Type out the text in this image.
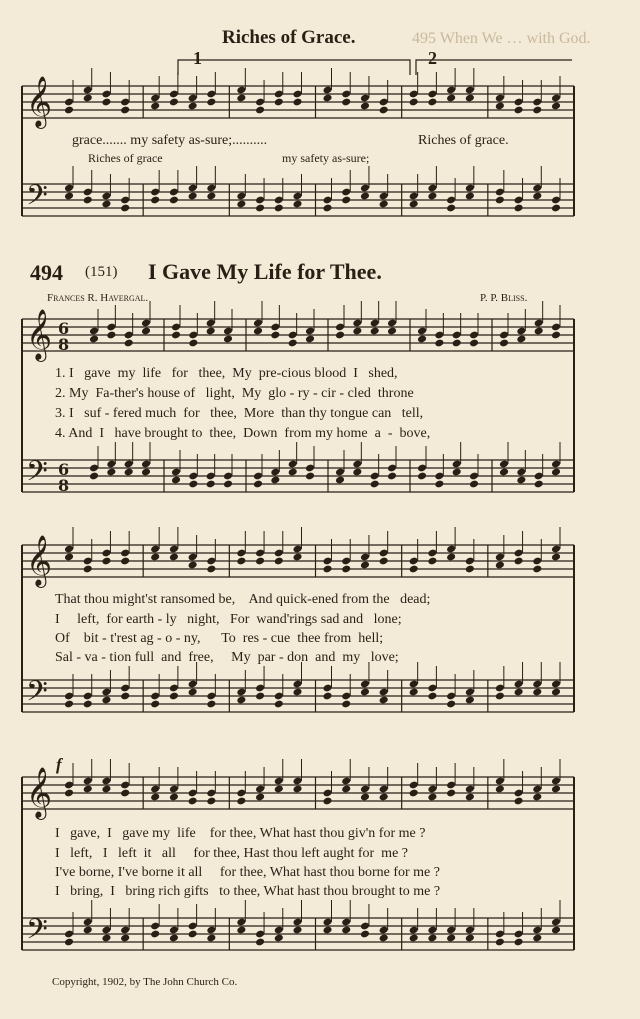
495 When We … with God.
Riches of Grace.
𝄞
𝄢
𝄞
𝄢
6
8
6
8
𝄞
𝄢
𝄞
𝄢
1	2
grace....... my safety as-sure;..........	Riches of grace.
Riches of grace	my safety as-sure;
494 (151) I Gave My Life for Thee.
Frances R. Havergal.	P. P. Bliss.
f
1. I   gave  my  life   for   thee,  My  pre-cious blood  I   shed,
2. My  Fa-ther's house of   light,  My  glo - ry - cir - cled  throne
3. I   suf - fered much  for   thee,  More  than thy tongue can   tell,
4. And  I   have brought to  thee,  Down  from my home  a  -  bove,
That thou might'st ransomed be,    And quick-ened from the   dead;
I     left,  for earth - ly   night,   For  wand'rings sad and   lone;
Of    bit - t'rest ag - o - ny,      To  res - cue  thee from  hell;
Sal - va - tion full  and  free,     My  par - don  and  my   love;
I   gave,  I   gave my  life    for thee, What hast thou giv'n for me ?
I   left,   I   left  it   all     for thee, Hast thou left aught for  me ?
I've borne, I've borne it all     for thee, What hast thou borne for me ?
I   bring,  I   bring rich gifts   to thee, What hast thou brought to me ?
Copyright, 1902, by The John Church Co.
